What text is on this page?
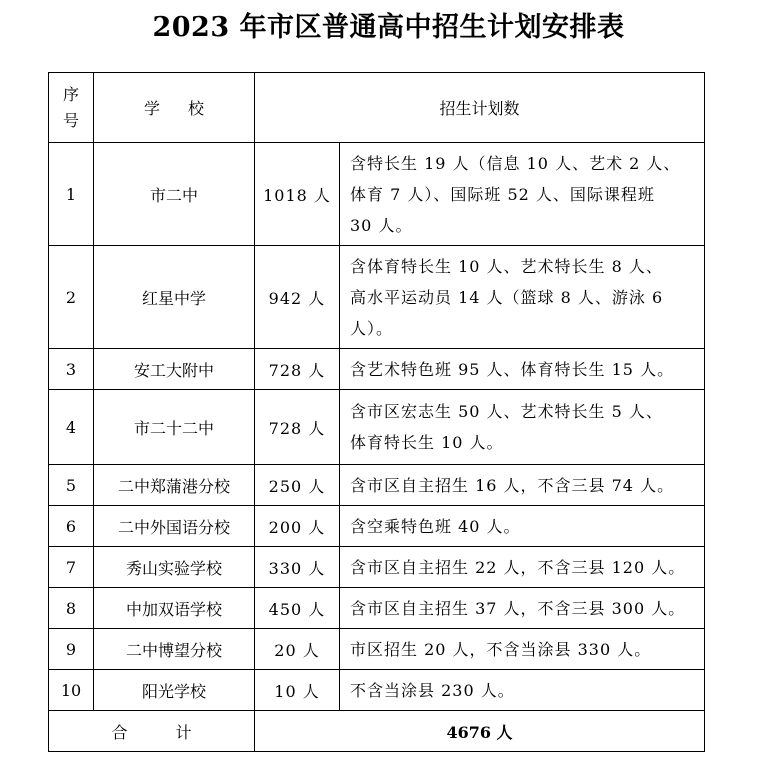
2023 年市区普通高中招生计划安排表
序
号	学 校	招生计划数	
1	市二中	1018 人	含特长生 19 人（信息 10 人、艺术 2 人、
体育 7 人）、国际班 52 人、国际课程班
30 人。

2	红星中学	942 人	含体育特长生 10 人、艺术特长生 8 人、
高水平运动员 14 人（篮球 8 人、游泳 6
人）。

3	安工大附中	728 人	含艺术特色班 95 人、体育特长生 15 人。

4	市二十二中	728 人	含市区宏志生 50 人、艺术特长生 5 人、
体育特长生 10 人。

5	二中郑蒲港分校	250 人	含市区自主招生 16 人，不含三县 74 人。

6	二中外国语分校	200 人	含空乘特色班 40 人。

7	秀山实验学校	330 人	含市区自主招生 22 人，不含三县 120 人。

8	中加双语学校	450 人	含市区自主招生 37 人，不含三县 300 人。

9	二中博望分校	20 人	市区招生 20 人，不含当涂县 330 人。

10	阳光学校	10 人	不含当涂县 230 人。

合 计		4676 人	
